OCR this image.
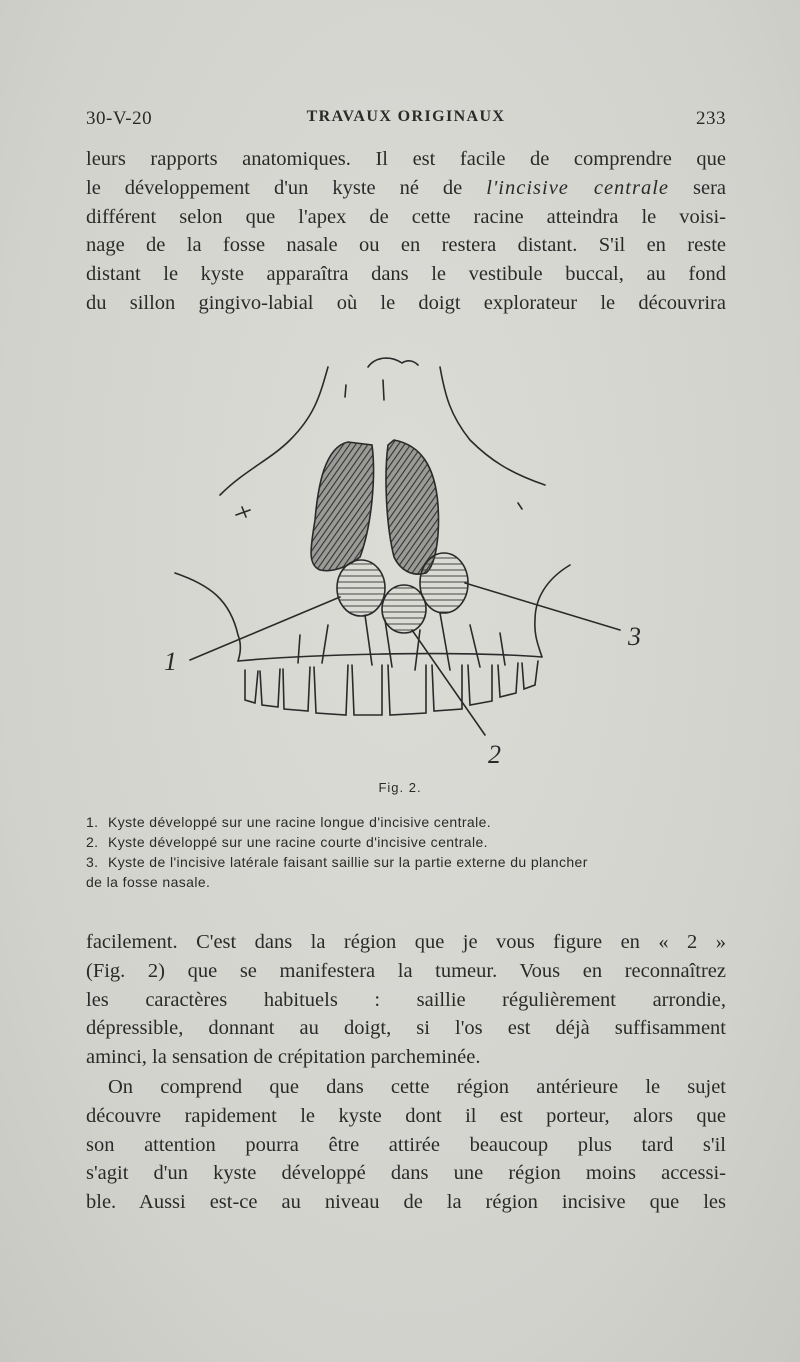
30-V-20	TRAVAUX ORIGINAUX	233
leurs rapports anatomiques. Il est facile de comprendre que
le développement d'un kyste né de l'incisive centrale sera
différent selon que l'apex de cette racine atteindra le voisi-
nage de la fosse nasale ou en restera distant. S'il en reste
distant le kyste apparaîtra dans le vestibule buccal, au fond
du sillon gingivo-labial où le doigt explorateur le découvrira
1
3
2
Fig. 2.
1. Kyste développé sur une racine longue d'incisive centrale.
2. Kyste développé sur une racine courte d'incisive centrale.
3. Kyste de l'incisive latérale faisant saillie sur la partie externe du plancher
de la fosse nasale.
facilement. C'est dans la région que je vous figure en « 2 »
(Fig. 2) que se manifestera la tumeur. Vous en reconnaîtrez
les caractères habituels : saillie régulièrement arrondie,
dépressible, donnant au doigt, si l'os est déjà suffisamment
aminci, la sensation de crépitation parcheminée.
On comprend que dans cette région antérieure le sujet
découvre rapidement le kyste dont il est porteur, alors que
son attention pourra être attirée beaucoup plus tard s'il
s'agit d'un kyste développé dans une région moins accessi-
ble. Aussi est-ce au niveau de la région incisive que les
